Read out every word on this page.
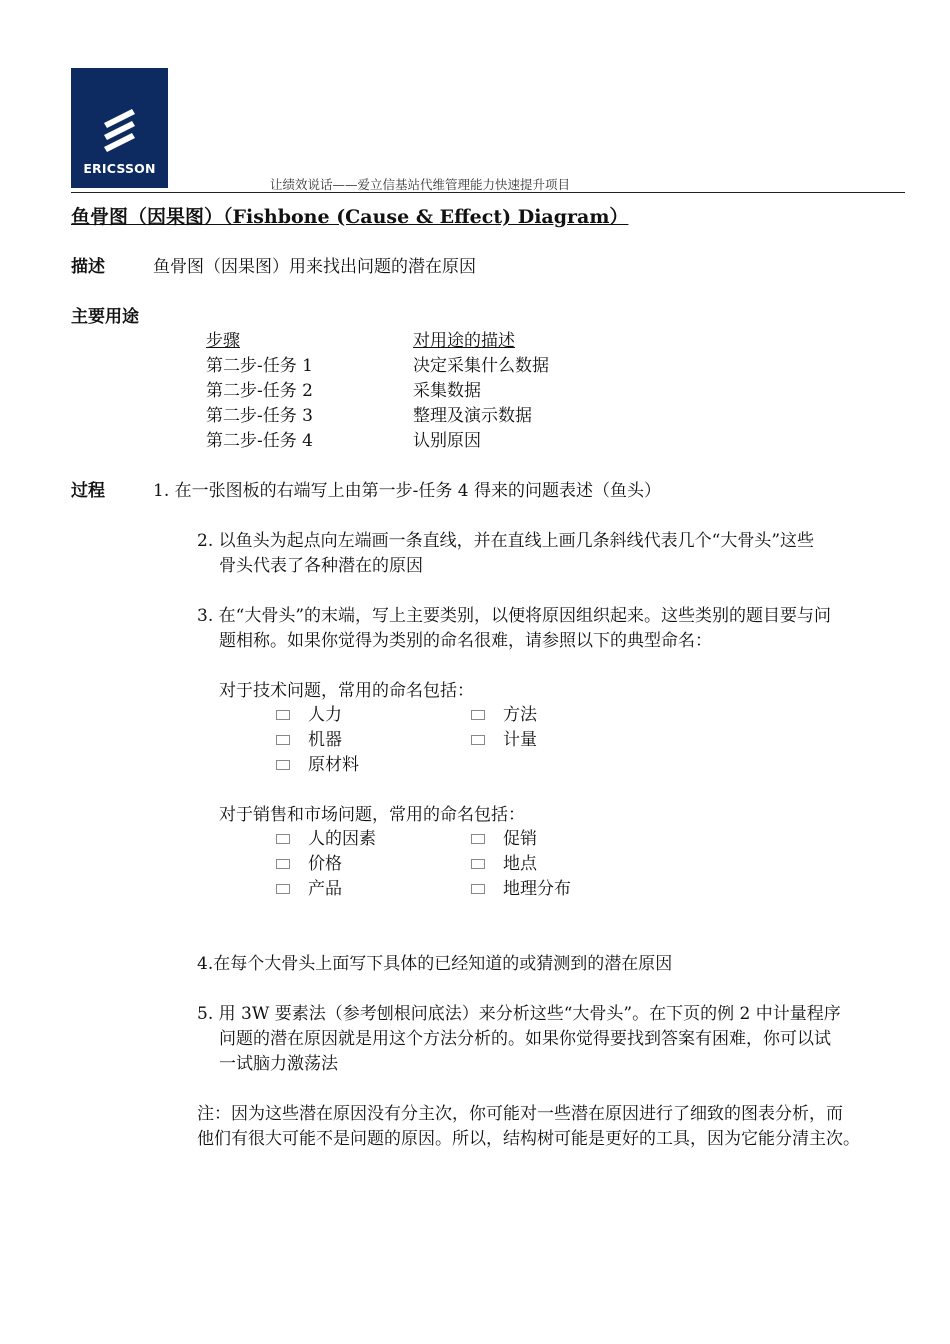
ERICSSON
让绩效说话——爱立信基站代维管理能力快速提升项目
鱼骨图（因果图）（Fishbone (Cause & Effect) Diagram）
描述	鱼骨图（因果图）用来找出问题的潜在原因
主要用途
步骤	对用途的描述
第二步-任务 1	决定采集什么数据
第二步-任务 2	采集数据
第二步-任务 3	整理及演示数据
第二步-任务 4	认别原因
过程	1. 在一张图板的右端写上由第一步-任务 4 得来的问题表述（鱼头）
2. 以鱼头为起点向左端画一条直线，并在直线上画几条斜线代表几个“大骨头”这些
骨头代表了各种潜在的原因
3. 在“大骨头”的末端，写上主要类别，以便将原因组织起来。这些类别的题目要与问
题相称。如果你觉得为类别的命名很难，请参照以下的典型命名：
对于技术问题，常用的命名包括：
人力	方法
机器	计量
原材料
对于销售和市场问题，常用的命名包括：
人的因素	促销
价格	地点
产品	地理分布
4.在每个大骨头上面写下具体的已经知道的或猜测到的潜在原因
5. 用 3W 要素法（参考刨根问底法）来分析这些“大骨头”。在下页的例 2 中计量程序
问题的潜在原因就是用这个方法分析的。如果你觉得要找到答案有困难，你可以试
一试脑力激荡法
注：因为这些潜在原因没有分主次，你可能对一些潜在原因进行了细致的图表分析，而
他们有很大可能不是问题的原因。所以，结构树可能是更好的工具，因为它能分清主次。
